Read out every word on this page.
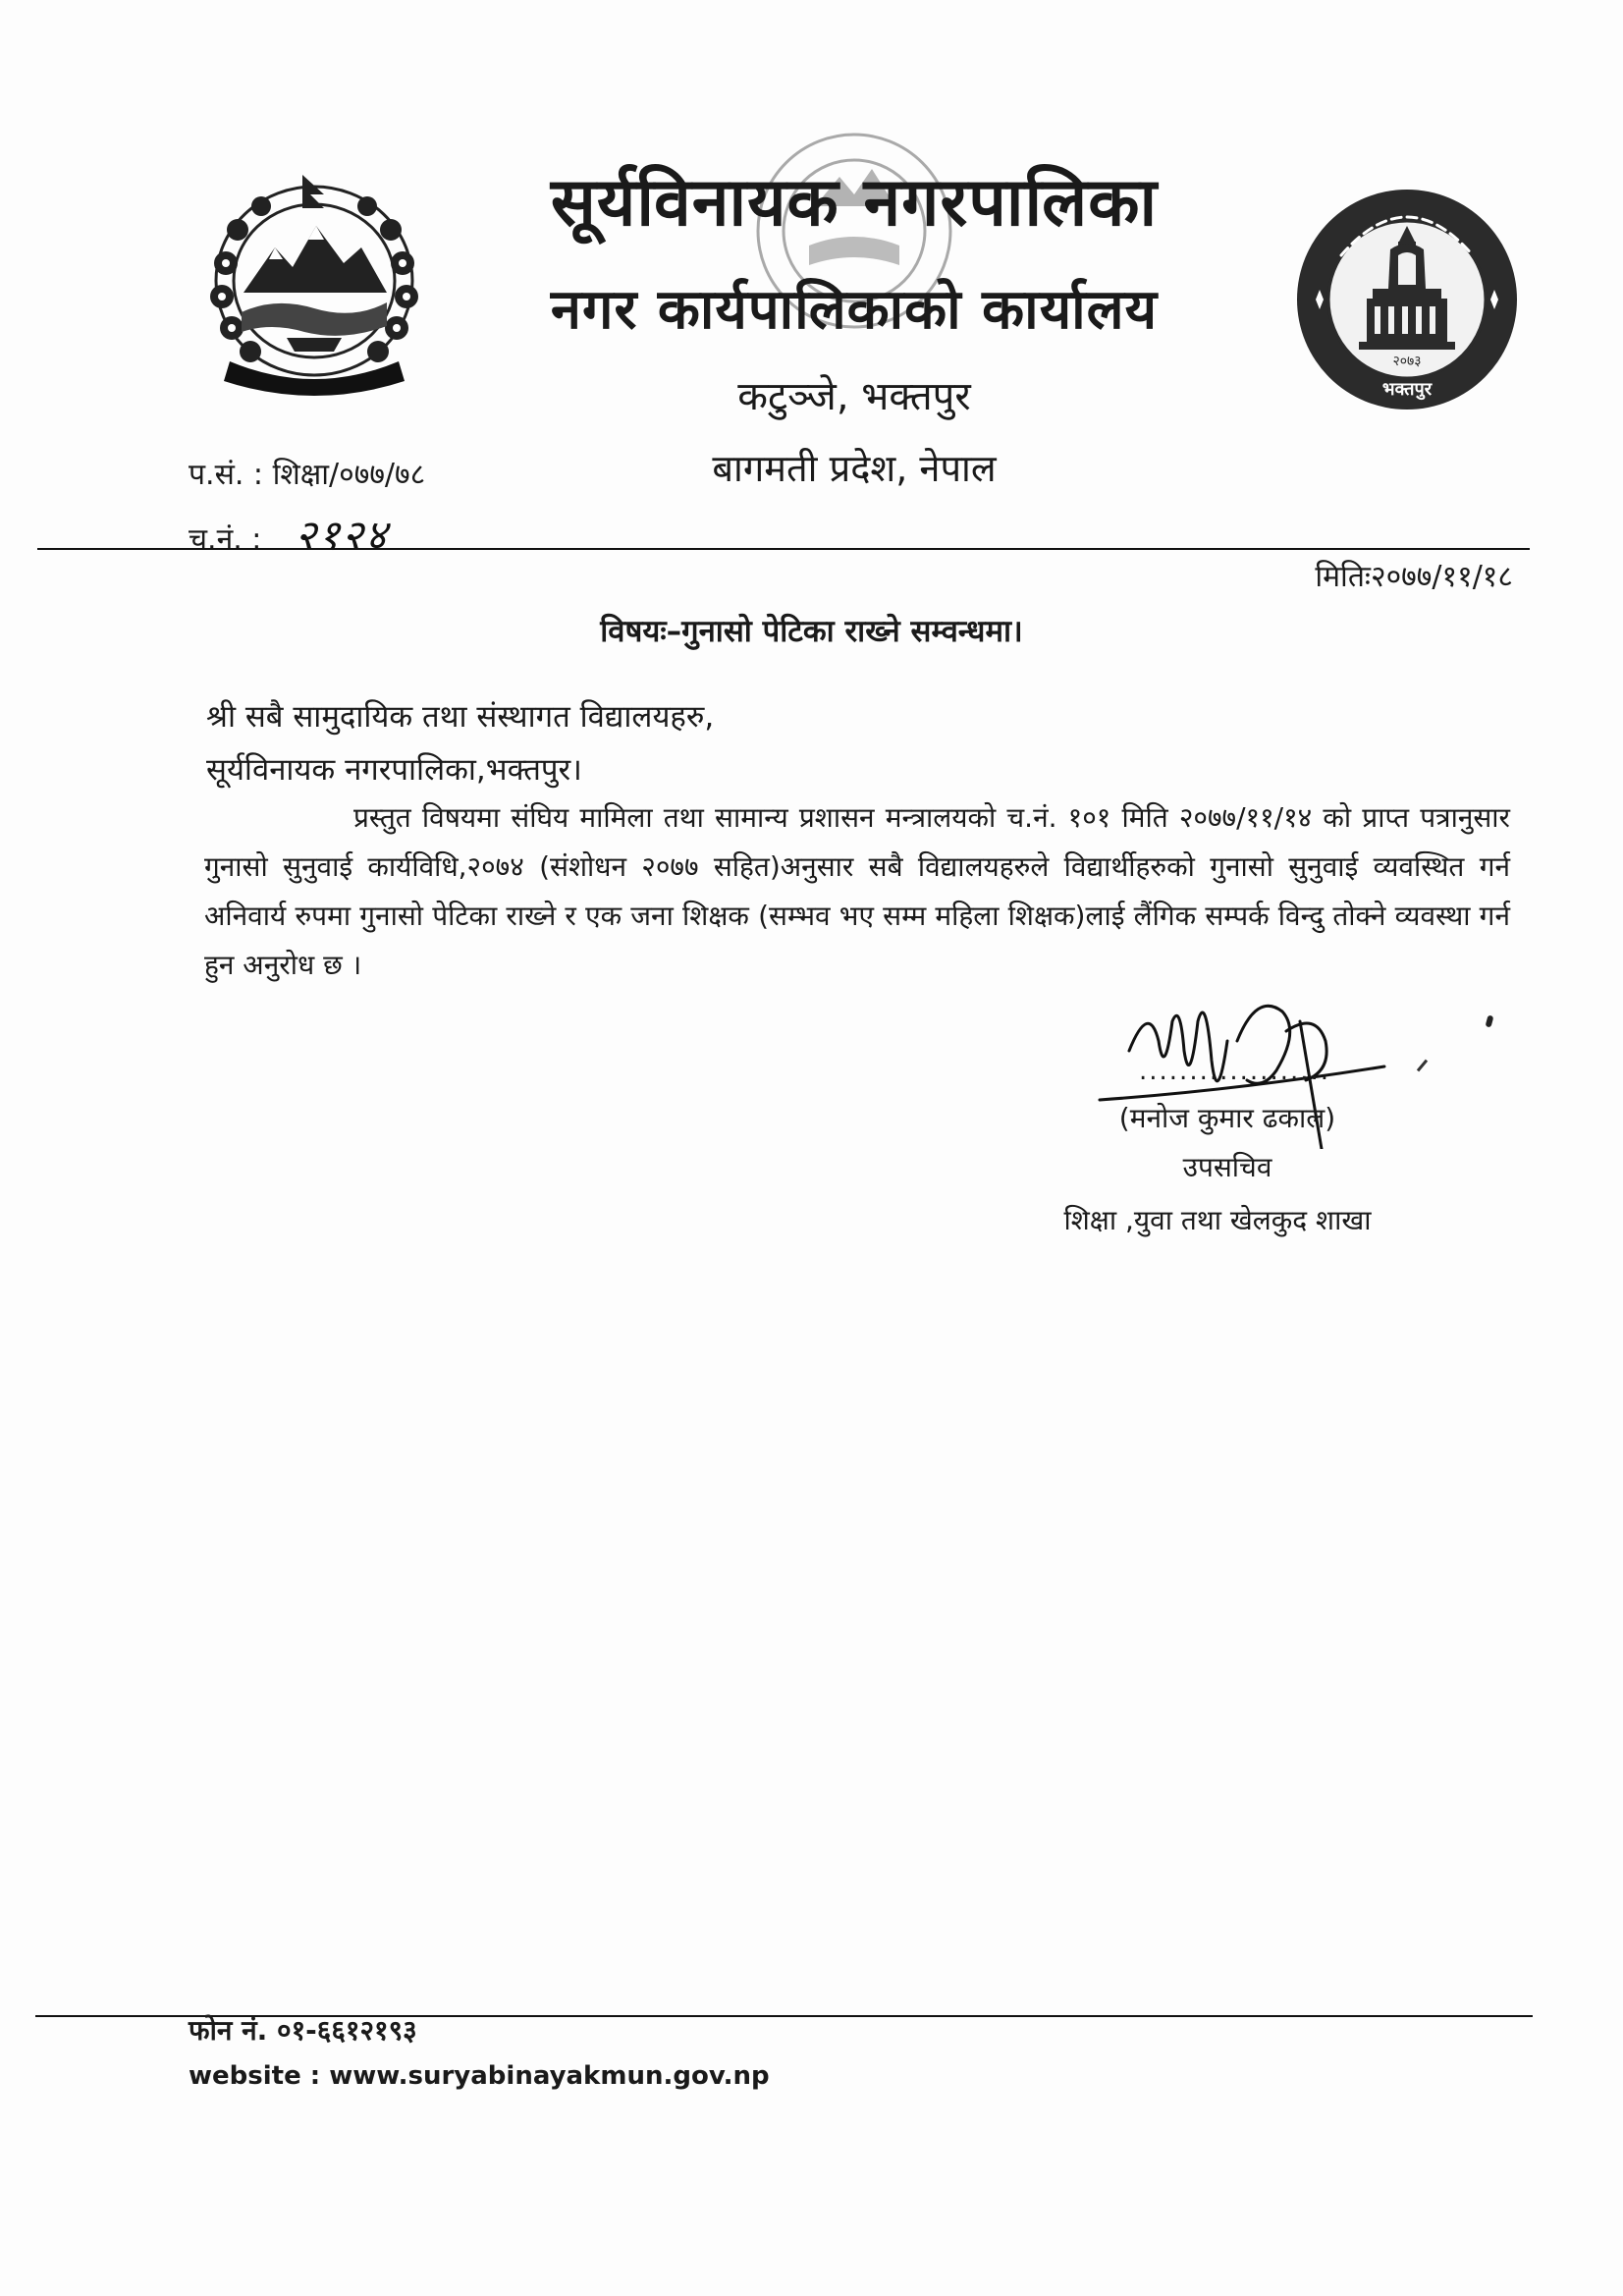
२०७३
भक्तपुर
सूर्यविनायक नगरपालिका
नगर कार्यपालिकाको कार्यालय
कटुञ्जे, भक्तपुर
बागमती प्रदेश, नेपाल
प.सं. : शिक्षा/०७७/७८
च.नं. : २१२४
मितिः२०७७/११/१८
विषयः–गुनासो पेटिका राख्ने सम्वन्धमा।
श्री सबै सामुदायिक तथा संस्थागत विद्यालयहरु,
सूर्यविनायक नगरपालिका,भक्तपुर।
प्रस्तुत विषयमा संघिय मामिला तथा सामान्य प्रशासन मन्त्रालयको च.नं. १०१ मिति २०७७/११/१४ को प्राप्त पत्रानुसार गुनासो सुनुवाई कार्यविधि,२०७४ (संशोधन २०७७ सहित)अनुसार सबै विद्यालयहरुले विद्यार्थीहरुको गुनासो सुनुवाई व्यवस्थित गर्न अनिवार्य रुपमा गुनासो पेटिका राख्ने र एक जना शिक्षक (सम्भव भए सम्म महिला शिक्षक)लाई लैंगिक सम्पर्क विन्दु तोक्ने व्यवस्था गर्न हुन अनुरोध छ ।
...................
(मनोज कुमार ढकाल)
उपसचिव
शिक्षा ,युवा तथा खेलकुद शाखा
फोन नं. ०१-६६१२१९३
website : www.suryabinayakmun.gov.np
